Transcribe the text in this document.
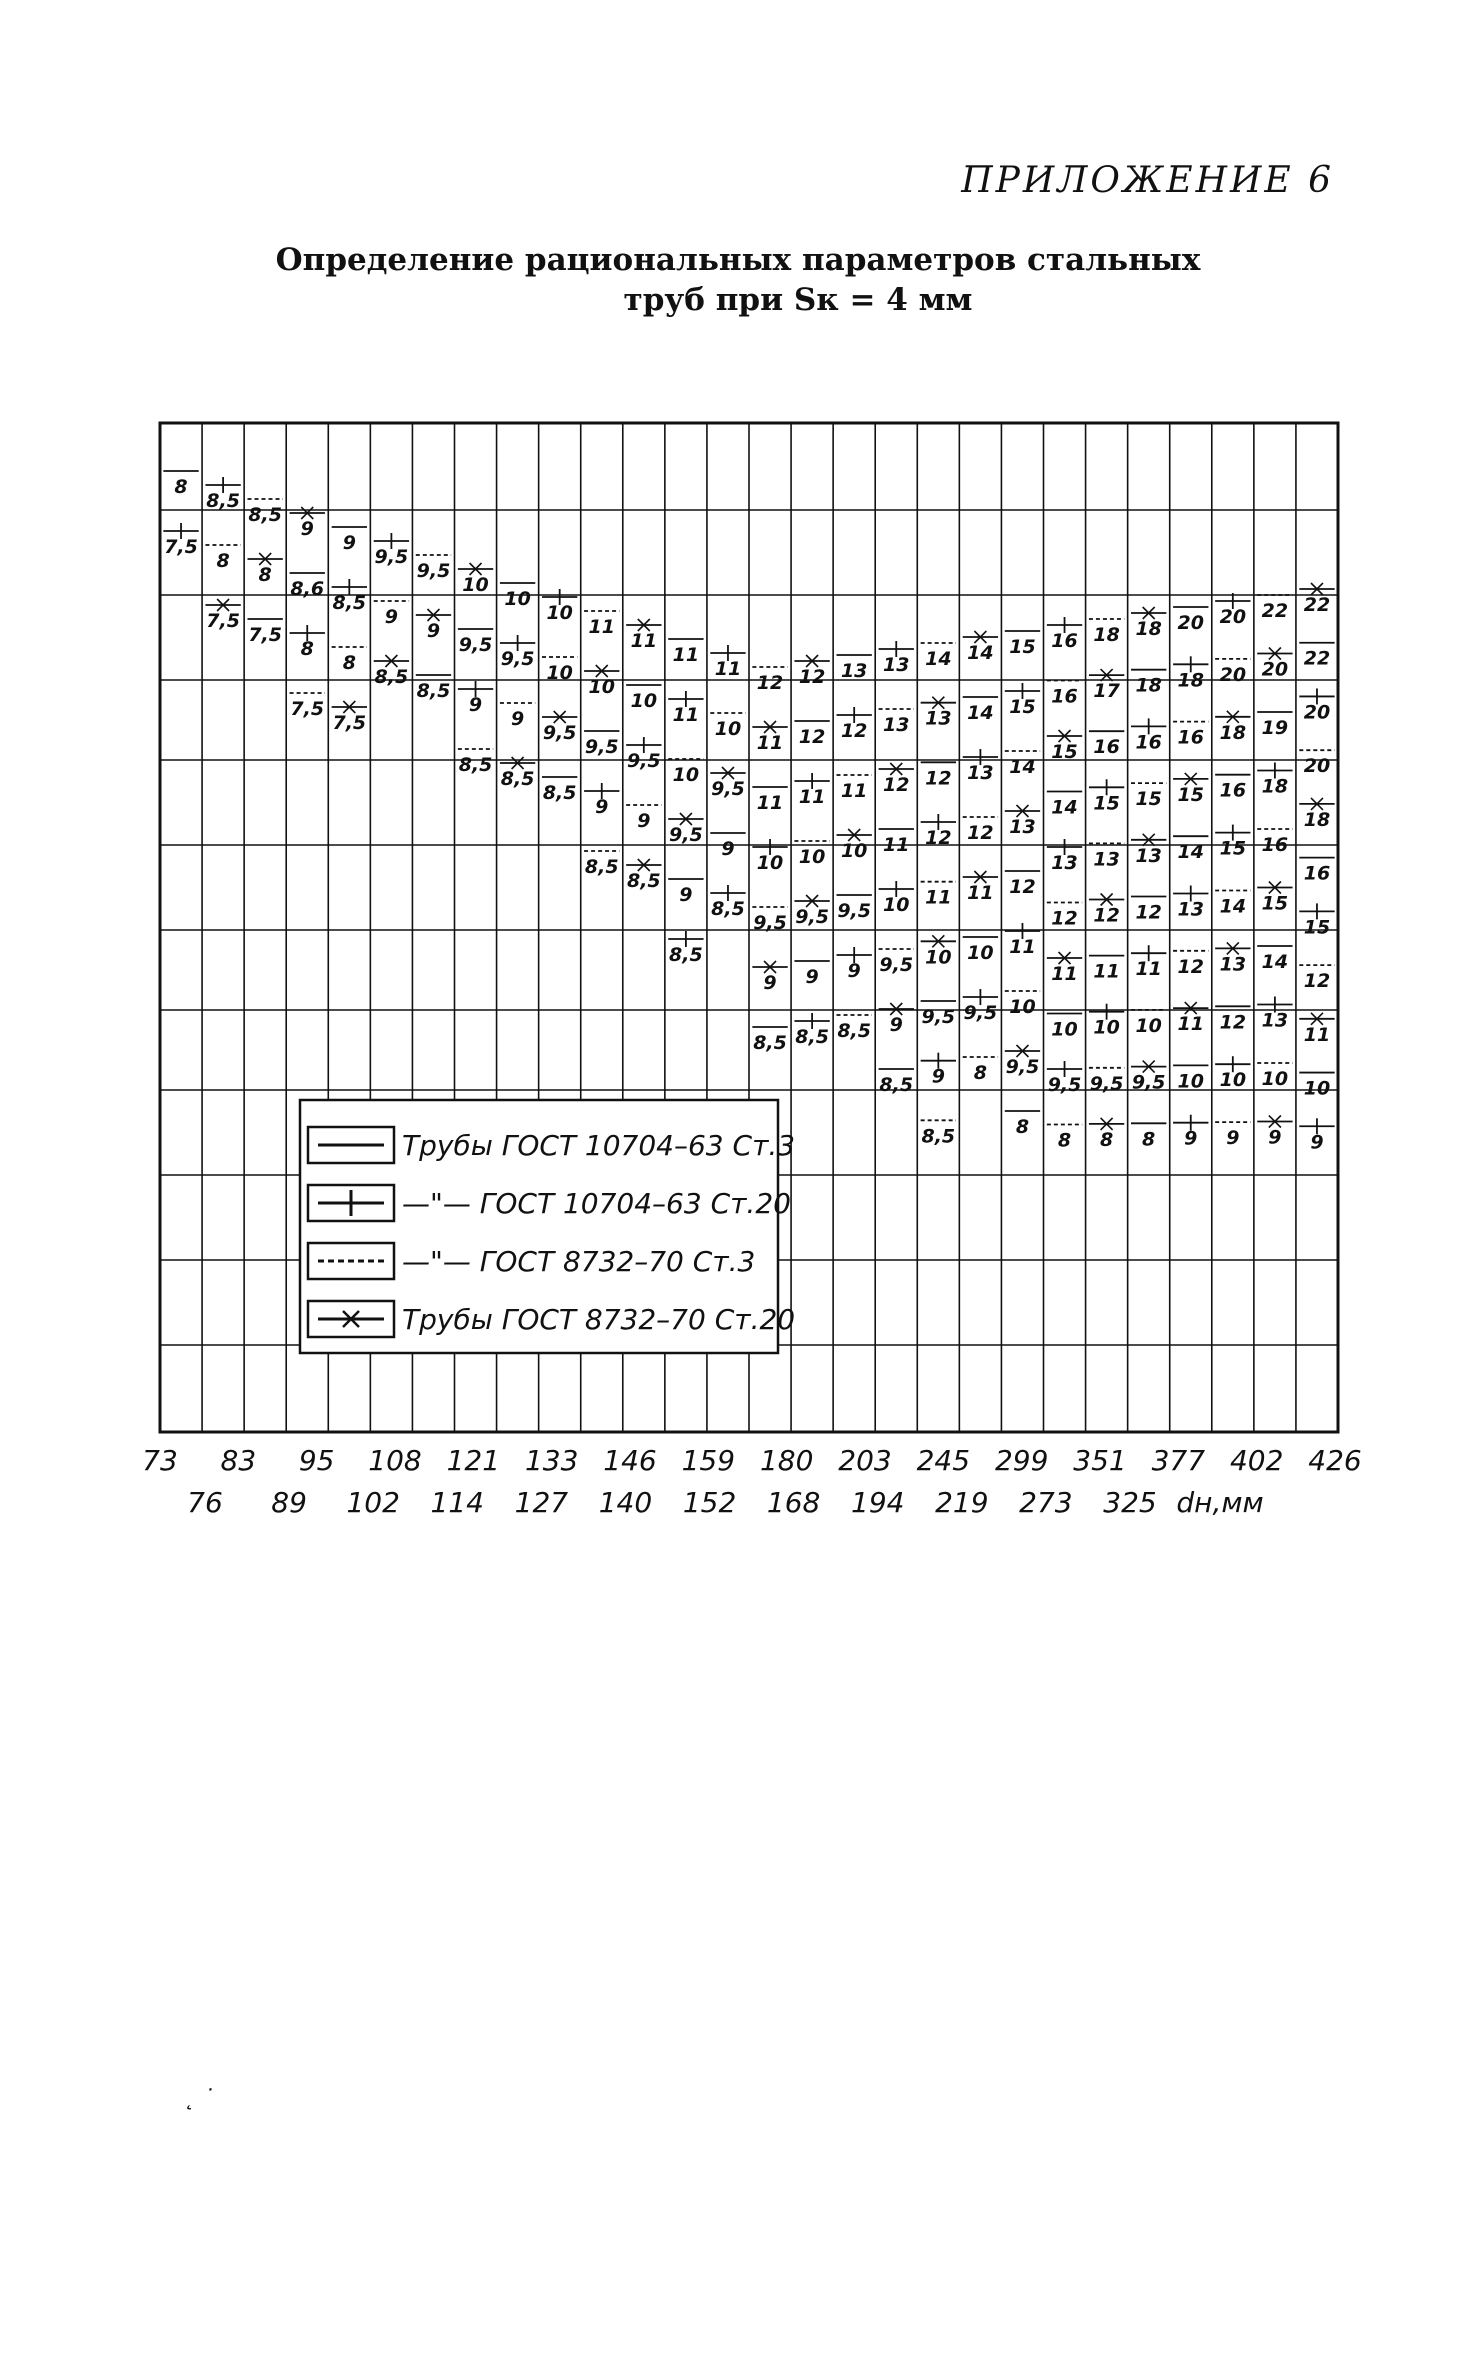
ПРИЛОЖЕНИЕ 6
Определение рациональных параметров стальных
труб при Sк = 4 мм
8
7,5
8,5
8
7,5
8,5
8
7,5
9
8,6
8
7,5
9
8,5
8
7,5
9,5
9
8,5
9,5
9
8,5
10
9,5
9
8,5
10
9,5
9
8,5
10
10
9,5
8,5
11
10
9,5
9
8,5
11
10
9,5
9
8,5
11
11
10
9,5
9
8,5
11
10
9,5
9
8,5
12
11
11
10
9,5
9
8,5
12
12
11
10
9,5
9
8,5
13
12
11
10
9,5
9
8,5
13
13
12
11
10
9,5
9
8,5
14
13
12
12
11
10
9,5
9
8,5
14
14
13
12
11
10
9,5
8
15
15
14
13
12
11
10
9,5
8
16
16
15
14
13
12
11
10
9,5
8
18
17
16
15
13
12
11
10
9,5
8
18
18
16
15
13
12
11
10
9,5
8
20
18
16
15
14
13
12
11
10
9
20
20
18
16
15
14
13
12
10
9
22
20
19
18
16
15
14
13
10
9
22
22
20
20
18
16
15
12
11
10
9
Трубы ГОСТ 10704–63 Ст.3
—"— ГОСТ 10704–63 Ст.20
—"— ГОСТ 8732–70 Ст.3
Трубы ГОСТ 8732–70 Ст.20
73 83 95 108 121 133 146 159 180 203 245 299 351 377 402 426
76 89 102 114 127 140 152 168 194 219 273 325 dн,мм
˛ ˙
